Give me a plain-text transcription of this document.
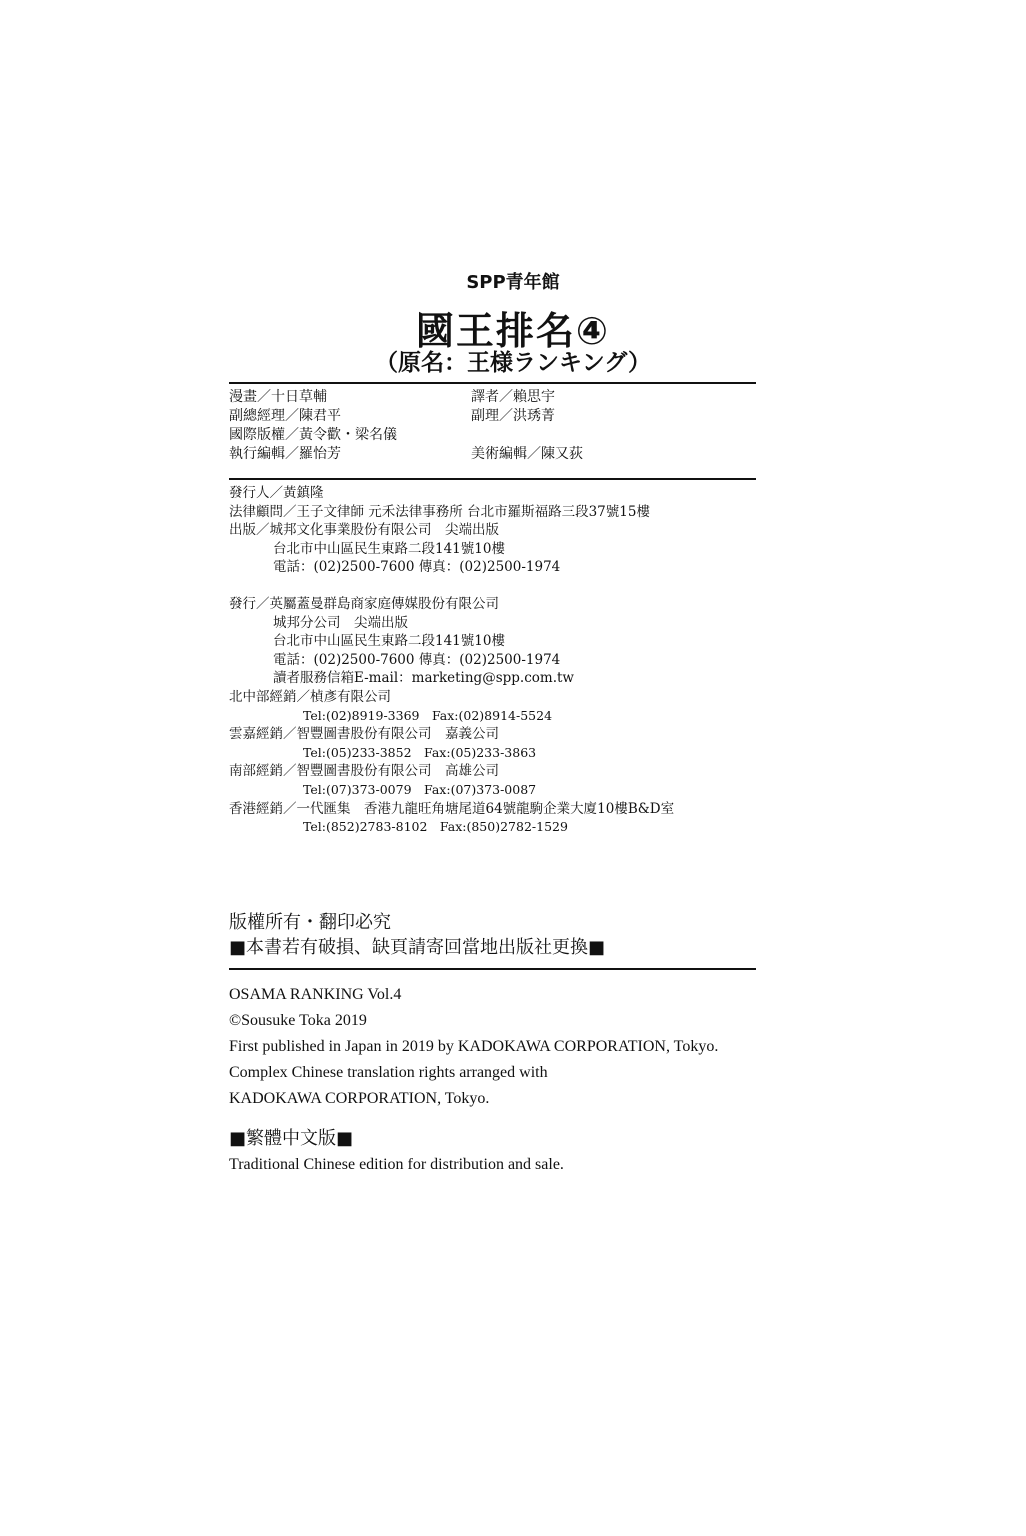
SPP青年館
國王排名④
（原名：王様ランキング）
漫畫／十日草輔	譯者／賴思宇
副總經理／陳君平	副理／洪琇菁
國際版權／黃令歡・梁名儀
執行編輯／羅怡芳	美術編輯／陳又荻
發行人／黃鎮隆
法律顧問／王子文律師 元禾法律事務所 台北市羅斯福路三段37號15樓
出版／城邦文化事業股份有限公司　尖端出版
台北市中山區民生東路二段141號10樓
電話：(02)2500-7600 傳真：(02)2500-1974
發行／英屬蓋曼群島商家庭傳媒股份有限公司
城邦分公司　尖端出版
台北市中山區民生東路二段141號10樓
電話：(02)2500-7600 傳真：(02)2500-1974
讀者服務信箱E-mail：marketing@spp.com.tw
北中部經銷／楨彥有限公司
Tel:(02)8919-3369　Fax:(02)8914-5524
雲嘉經銷／智豐圖書股份有限公司　嘉義公司
Tel:(05)233-3852　Fax:(05)233-3863
南部經銷／智豐圖書股份有限公司　高雄公司
Tel:(07)373-0079　Fax:(07)373-0087
香港經銷／一代匯集　香港九龍旺角塘尾道64號龍駒企業大廈10樓B&D室
Tel:(852)2783-8102　Fax:(850)2782-1529
版權所有・翻印必究
■本書若有破損、缺頁請寄回當地出版社更換■
OSAMA RANKING Vol.4
©Sousuke Toka 2019
First published in Japan in 2019 by KADOKAWA CORPORATION, Tokyo.
Complex Chinese translation rights arranged with
KADOKAWA CORPORATION, Tokyo.
■繁體中文版■
Traditional Chinese edition for distribution and sale.
